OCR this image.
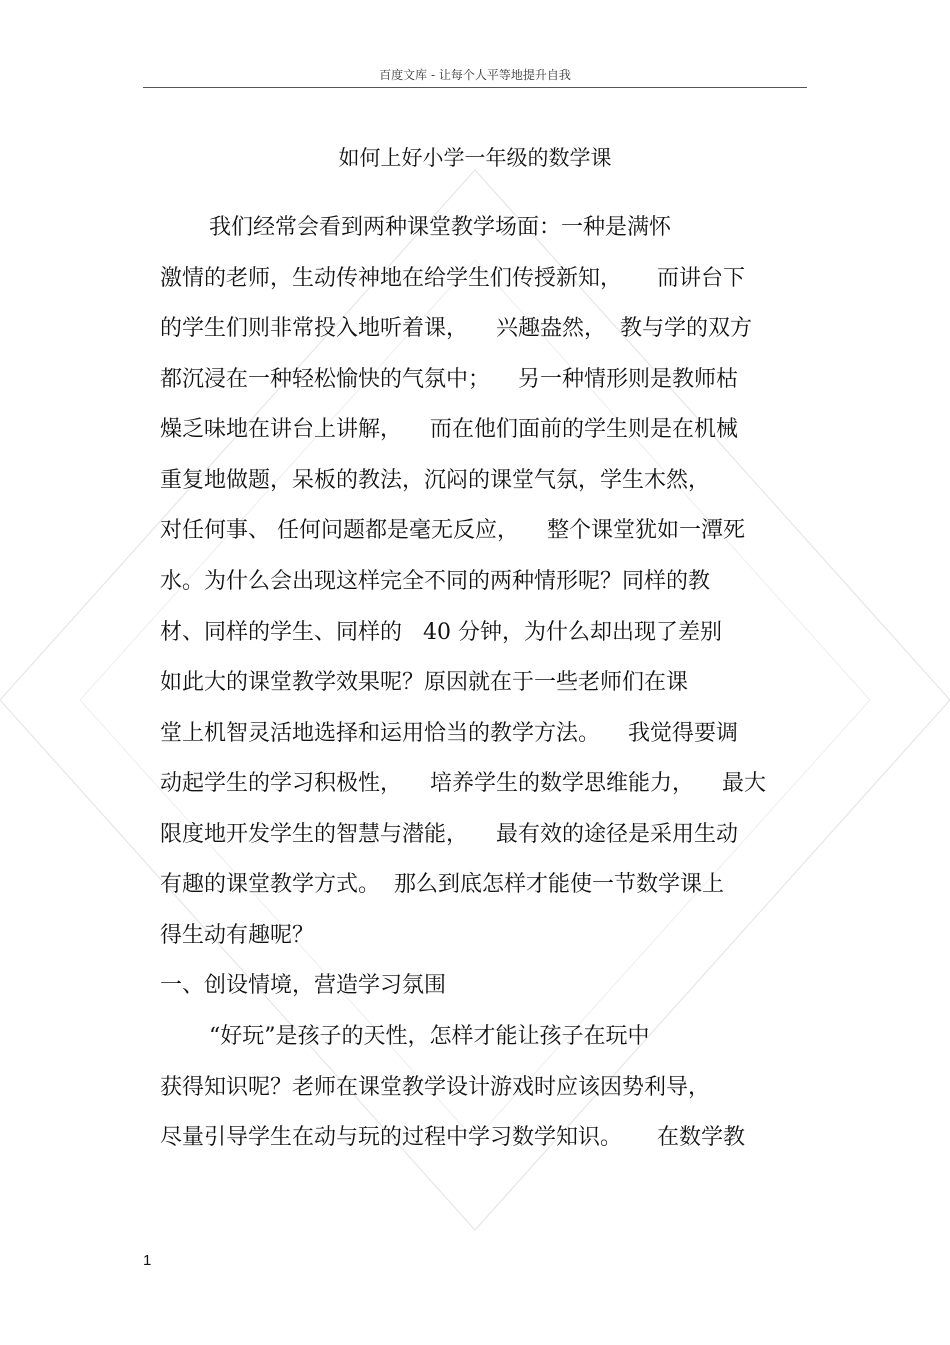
百度文库 - 让每个人平等地提升自我
如何上好小学一年级的数学课
我们经常会看到两种课堂教学场面：一种是满怀
激情的老师，生动传神地在给学生们传授新知，     而讲台下
的学生们则非常投入地听着课，    兴趣盎然，  教与学的双方
都沉浸在一种轻松愉快的气氛中；    另一种情形则是教师枯
燥乏味地在讲台上讲解，    而在他们面前的学生则是在机械
重复地做题，呆板的教法，沉闷的课堂气氛，学生木然，
对任何事、 任何问题都是毫无反应，    整个课堂犹如一潭死
水。为什么会出现这样完全不同的两种情形呢？同样的教
材、同样的学生、同样的   40 分钟，为什么却出现了差别
如此大的课堂教学效果呢？原因就在于一些老师们在课
堂上机智灵活地选择和运用恰当的教学方法。    我觉得要调
动起学生的学习积极性，    培养学生的数学思维能力，    最大
限度地开发学生的智慧与潜能，    最有效的途径是采用生动
有趣的课堂教学方式。  那么到底怎样才能使一节数学课上
得生动有趣呢？
一、创设情境，营造学习氛围
“好玩”是孩子的天性，怎样才能让孩子在玩中
获得知识呢？老师在课堂教学设计游戏时应该因势利导，
尽量引导学生在动与玩的过程中学习数学知识。     在数学教
1
